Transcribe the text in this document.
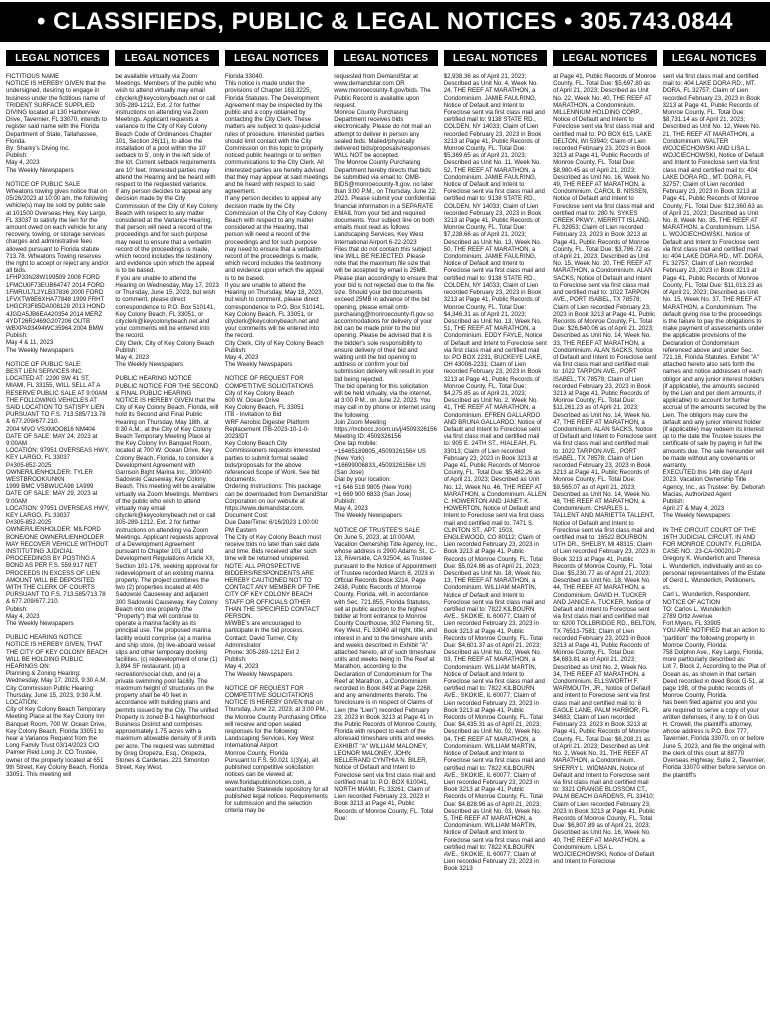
• CLASSIFIEDS, PUBLIC & LEGAL NOTICES • 305.743.0844
LEGAL NOTICES

FICTITIOUS NAME
NOTICE IS HEREBY GIVEN that the undersigned, desiring to engage in business under the fictitious name of TRIDENT SURFACE SUPPLIED DIVING located at 130 Harborview Drive, Tavernier, FL 33070, intends to register said name with the Florida Department of State, Tallahassee, Florida.
By: Sharky's Diving Inc.
Publish:
May 4, 2023
The Weekly Newspapers

NOTICE OF PUBLIC SALE
Wheatons towing gives notice that on 05/26/2023 at 10:00 am, the following vehicle(s) may be sold by public sale at 101500 Overseas Hwy, Key Largo, FL 33037 to satisfy the lien for the amount owed on each vehicle for any recovery, towing, or storage services charges and administrative fees allowed pursuant to Florida statute 713.78. Wheatons Towing reserves the right to accept or reject any and/or all bids.
1FHP33N28W199509 2008 FORD
1FMCU0F73EUB64747 2014 FORD
1FMRU17L2YLB37836 2000 FORD
1FVXTW8E6XHA77848 1999 FRHT
1HGCR3F85DA008128 2013 HOND
4JGDA5JB6EA420354 2014 MERZ
4YDT26R2469G207206 OUTB
WBXPA93494WC35964 2004 BMW
Publish:
May 4 & 11, 2023
The Weekly Newspapers

NOTICE OF PUBLIC SALE:
BEST LIEN SERVICES INC.
LOCATED AT: 2290 SW 41 ST, MIAMI, FL 33155, WILL SELL AT A RESERVE PUBLIC SALE AT 9:00AM THE FOLLOWING VEHICLES AT SAID LOCATION TO SATISFY LIEN PURSUANT TO F.S. 713.585/713.78 & 677.209/677.210.
2004 MVO VSXMOO816 NM404
DATE OF SALE: MAY 24, 2023 at 9:00AM
LOCATION: 97951 OVERSEAS HWY, KEY LARGO, FL 33037
P#305-852-2025
OWNER/LIENHOLDER: TYLER WESTBROOK/UNKN
1999 BMC VSBWUCA98 1A999
DATE OF SALE: MAY 29, 2023 at 9:00AM
LOCATION: 97951 OVERSEAS HWY, KEY LARGO, FL 33037
P#305-852-2025
OWNER/LIENHOLDER: MILFORD BONE/ONE OWNER/LIENHOLDER MAY RECOVER VEHICLE WITHOUT INSTITUTING JUDICIAL PROCEEDINGS BY POSTING A BOND AS PER F.S. 559.917 NET PROCEEDS IN EXCESS OF LIEN AMOUNT WILL BE DEPOSITED WITH THE CLERK OF COURTS PURSUANT TO F.S. 713.585/713.78 & 677.209/677.210.
Publish:
May 4, 2023
The Weekly Newspapers

PUBLIC HEARING NOTICE
NOTICE IS HEREBY GIVEN, THAT THE CITY OF KEY COLONY BEACH WILL BE HOLDING PUBLIC HEARINGS ON:
Planning & Zoning Hearing: Wednesday, May 17, 2023, 9:30 A.M.
City Commission Public Hearing: Thursday, June 15, 2023, 9:30 A.M.
LOCATION:
City of Key Colony Beach Temporary Meeting Place at the Key Colony Inn Banquet Room, 700 W. Ocean Drive, Key Colony Beach, Florida 33051 to hear a Variance Request from the Long Family Trust 03/14/2023 C/O Palmer Reid Long Jr. CO Trustee, owner of the property located at 651 9th Street, Key Colony Beach, Florida 33051. This meeting will

LEGAL NOTICES

be available virtually via Zoom Meetings. Members of the public who wish to attend virtually may email cityclerk@keycolonybeach.net or call 305-289-1212, Ext. 2 for further instructions on attending via Zoom Meetings. Applicant requests a variance to the City of Key Colony Beach Code of Ordinances Chapter 101, Section 26(11), to allow the installation of a pool within the 10' setback to 5', only in the left side of the lot. Current setback requirements are 10' feet. Interested parties may attend the Hearing and be heard with respect to the requested variance.
If any person decides to appeal any decision made by the City Commission of the City of Key Colony Beach with respect to any matter considered at the Variance Hearing, that person will need a record of the proceedings and for such purpose may need to ensure that a verbatim record of the proceedings is made, which record includes the testimony and evidence upon which the appeal is to be based.
If you are unable to attend the Hearing on Wednesday, May 17, 2023 or Thursday, June 15, 2023, but wish to comment, please direct correspondence to P.O. Box 510141, Key Colony Beach, FL 33051, or cityclerk@keycolonybeach.net and your comments will be entered into the record.
City Clerk, City of Key Colony Beach
Publish:
May 4, 2023
The Weekly Newspapers

PUBLIC HEARING NOTICE
PUBLIC NOTICE FOR THE SECOND & FINAL PUBLIC HEARING
NOTICE IS HEREBY GIVEN that the City of Key Colony Beach, Florida, will hold its Second and Final Public Hearing on Thursday, May 18th, at 9:30 A.M., at the City of Key Colony Beach Temporary Meeting Place at the Key Colony Inn Banquet Room, located at 700 W. Ocean Drive, Key Colony Beach, Florida, to consider a Development Agreement with Garrison Bight Marina Inc., 300/400 Sadowski Causeway, Key Colony Beach. This meeting will be available virtually via Zoom Meetings. Members of the public who wish to attend virtually may email cityclerk@keycolonybeach.net or call 305-289-1212, Ext. 2 for further instructions on attending via Zoom Meetings. Applicant requests approval of a Development Agreement pursuant to Chapter 101 of Land Development Regulations Article XII, Section 101-176, seeking approval for redevelopment of an existing marina property. The project combines the two (2) properties located at 400 Sadowski Causeway and adjacent 300 Sadowski Causeway, Key Colony Beach into one property (the "Property") that will continue to operate a marina facility as its principal use. The proposed marina facility would comprise (a) a marina and ship store, (b) live-aboard vessel slips and other temporary docking facilities, (c) redevelopment of one (1) 3,894 SF restaurant, (d) a recreation/social club, and (e) a private swimming pool facility. The maximum height of structures on the property shall be 40 feet in accordance with building plans and permits issued by the City. The unified Property is zoned B-1 Neighborhood Business District and comprises approximately 1.75 acres with a maximum allowable density of 8 units per acre. The request was submitted by Greg Oropeza, Esq., Oropeza, Stones & Cardenas, 221 Simonton Street, Key West,

LEGAL NOTICES

Florida 33040.
This notice is made under the provisions of Chapter 163.3225, Florida Statutes. The Development Agreement may be inspected by the public and a copy obtained by contacting the City Clerk. These matters are subject to quasi-judicial rules of procedure. Interested parties should limit contact with the City Commission on this topic to properly noticed public hearings or to written communications to the City Clerk. All interested parties are hereby advised that they may appear at said meetings and be heard with respect to said agreement.
If any person decides to appeal any decision made by the City Commission of the City of Key Colony Beach with respect to any matter considered at the Hearing, that person will need a record of the proceedings and for such purpose may need to ensure that a verbatim record of the proceedings is made, which record includes the testimony and evidence upon which the appeal is to be based.
If you are unable to attend the Hearing on Thursday, May 18, 2023, but wish to comment, please direct correspondence to P.O. Box 510141, Key Colony Beach, FL 33051, or cityclerk@keycolonybeach.net and your comments will be entered into the record.
City Clerk, City of Key Colony Beach
Publish:
May 4, 2023
The Weekly Newspapers

NOTICE OF REQUEST FOR COMPETITIVE SOLICITATIONS
City of Key Colony Beach
600 W. Ocean Drive
Key Colony Beach, FL 33051
ITB - Invitation to Bid
WRF Aerobic Digester Platform Replacement ITB-2023-10-1-0-2023/DT
Key Colony Beach City Commissioners requests interested parties to submit formal sealed bids/proposals for the above referenced Scope of Work. See bid documents.
Ordering Instructions: This package can be downloaded from DemandStar Corporation on our website at https://www.demandstar.com.
Document Cost:
Due Date/Time: 6/16/2023 1:00:00 PM Eastern
The City of Key Colony Beach must receive bids no later than said date and time. Bids received after such time will be returned unopened.
NOTE: ALL PROSPECTIVE BIDDERS/RESPONDENTS ARE HEREBY CAUTIONED NOT TO CONTACT ANY MEMBER OF THE CITY OF KEY COLONY BEACH STAFF OR OFFICIALS OTHER THAN THE SPECIFIED CONTACT PERSON.
M/WBE's are encouraged to participate in the bid process.
Contact: David Turner, City Administrator
Phone: 305-289-1212 Ext 2
Publish:
May 4, 2023
The Weekly Newspapers

NOTICE OF REQUEST FOR COMPETITIVE SOLICITATIONS
NOTICE IS HEREBY GIVEN that on Thursday, June 22, 2023, at 3:00 PM., the Monroe County Purchasing Office will receive and open sealed responses for the following:
Landscaping Services, Key West International Airport
Monroe County, Florida
Pursuant to F.S. 50.021 1(3)(a), all published competitive solicitation notices can be viewed at: www.floridapublicnotices.com, a searchable Statewide repository for all published legal notices. Requirements for submission and the selection criteria may be

LEGAL NOTICES

requested from DemandStar at www.demandstar.com OR www.monroecounty-fl.gov/bids. The Public Record is available upon request.
Monroe County Purchasing Department receives bids electronically. Please do not mail an attempt to deliver in person any sealed bids. Mailed/physically delivered bids/proposals/responses WILL NOT be accepted.
The Monroe County Purchasing Department hereby directs that bids be submitted via email to: OMB-BIDS@monroecounty-fl.gov, no later than 3:00 P.M., on Thursday, June 22, 2023. Please submit your confidential financial information in a SEPARATE EMAIL from your bid and required documents. Your subject line on both emails must read as follows:
Landscaping Services, Key West International Airport 6-22-2023
Files that do not contain this subject line WILL BE REJECTED. Please note that the maximum file size that will be accepted by email is 25MB. Please plan accordingly to ensure that your bid is not rejected due to the file size. Should your bid documents exceed 25MB in advance of the bid opening, please email omb-purchasing@monroecounty-fl.gov so accommodations for delivery of your bid can be made prior to the bid opening. Please be advised that it is the bidder's sole responsibility to ensure delivery of their bid and waiting until the bid opening to address or confirm your bid submission delivery will result in your bid being rejected.
The bid opening for this solicitation will be held virtually, via the internet, at 3:00 P.M., on June 22, 2023. You may call in by phone or internet using the following:
Join Zoom Meeting
https://mcbocc.zoom.us/j/4509326156
Meeting ID: 4509326156
One tap mobile:
+16465189805,,4509326156# US (New York)
+16699006833,,4509326156# US (San Jose)
Dial by your location:
+1 646 518 9805 (New York)
+1 669 900 6833 (San Jose)
Publish:
May 4, 2023
The Weekly Newspapers

NOTICE OF TRUSTEE'S SALE
On June 5, 2023, at 10:00AM, Vacation Ownership Title Agency, Inc., whose address is 2900 Adams St., C-13, Riverside, CA 92504, as Trustee pursuant to the Notice of Appointment of Trustee recorded March 8, 2023 in Official Records Book 3214, Page 2438, Public Records of Monroe County, Florida, will, in accordance with Sec. 721.855, Florida Statutes, sell at public auction to the highest bidder at front entrance to Monroe County Courthouse, 302 Fleming St., Key West, FL 33040 all right, title, and interest in and to the timeshare units and weeks described in Exhibit "A" attached hereto, all of such timeshare units and weeks being in The Reef at Marathon, according to the Declaration of Condominium for The Reef at Marathon, a Condominium recorded in Book 849 at Page 2268, and any amendments thereto. The foreclosure is in respect of Claims of Lien (the "Lien") recorded February 23, 2023 in Book 3213 at Page 41 in the Public Records of Monroe County, Florida with respect to each of the aforesaid timeshare units and weeks.
EXHIBIT "A" WILLIAM MALONEY, LEONOR MALONEY, JOHN BELLERAND CYNTHIA N. BILER, Notice of Default and Intent to Foreclose sent via first class mail and certified mail to: P.O. BOX 610041, NORTH MIAMI, FL 33261; Claim of Lien recorded February 23, 2023 in Book 3213 at Page 41, Public Records of Monroe County, FL. Total Due:

LEGAL NOTICES

$2,938.36 as of April 21, 2023; Described as Unit No. 4, Week No. 24, THE REEF AT MARATHON, a Condominium. JAMIE FAULRING, Notice of Default and Intent to Foreclose sent via first class mail and certified mail to: 9138 STATE RD., COLDEN, NY 14033; Claim of Lien recorded February 23, 2023 in Book 3213 at Page 41, Public Records of Monroe County, FL. Total Due: $5,369.65 as of April 21, 2023; Described as Unit No. 11, Week No. 52, THE REEF AT MARATHON, a Condominium. JAMIE FAULRING, Notice of Default and Intent to Foreclose sent via first class mail and certified mail to: 9138 STATE RD., COLDEN, NY 14033; Claim of Lien recorded February 23, 2023 in Book 3213 at Page 41, Public Records of Monroe County, FL. Total Due: $7,238.66 as of April 21, 2023; Described as Unit No. 13, Week No. 50, THE REEF AT MARATHON, a Condominium. JAMIE FAULRING, Notice of Default and Intent to Foreclose sent via first class mail and certified mail to: 9138 STATE RD., COLDEN, NY 14033; Claim of Lien recorded February 23, 2023 in Book 3213 at Page 41, Public Records of Monroe County, FL. Total Due: $4,346.31 as of April 21, 2023; Described as Unit No. 13, Week No. 51, THE REEF AT MARATHON, a Condominium. EDDY FAYLE, Notice of Default and Intent to Foreclose sent via first class mail and certified mail to: PO BOX 2231, BUCKEYE LAKE, OH 43008-2231; Claim of Lien recorded February 23, 2023 in Book 3213 at Page 41, Public Records of Monroe County, FL. Total Due: $4,275.85 as of April 21, 2023; Described as Unit No. 2, Week No. 41, THE REEF AT MARATHON, a Condominium. EFREN GALLARDO AND BRUNA GALLARDO, Notice of Default and Intent to Foreclose sent via first class mail and certified mail to: 905 E. 24TH ST., HIALEAH, FL 33013; Claim of Lien recorded February 23, 2023 in Book 3213 at Page 41, Public Records of Monroe County, FL. Total Due: $5,482.26 as of April 21, 2023; Described as Unit No. 12, Week No. 46, THE REEF AT MARATHON, a Condominium. ALLEN C. HOWERTON AND JANET K. HOWERTON, Notice of Default and Intent to Foreclose sent via first class mail and certified mail to: 7471 S. CLINTON ST., APT. 1503, ENGLEWOOD, CO 80112; Claim of Lien recorded February 23, 2023 in Book 3213 at Page 41, Public Records of Monroe County, FL. Total Due: $5,024.86 as of April 21, 2023; Described as Unit No. 18, Week No. 13, THE REEF AT MARATHON, a Condominium. WILLIAM MARTIN, Notice of Default and Intent to Foreclose sent via first class mail and certified mail to: 7822 KILBOURN AVE., SKOKIE, IL 60077; Claim of Lien recorded February 23, 2023 in Book 3213 at Page 41, Public Records of Monroe County, FL. Total Due: $4,601.37 as of April 21, 2023; Described as Unit No. 02, Week No. 03, THE REEF AT MARATHON, a Condominium. WILLIAM MARTIN, Notice of Default and Intent to Foreclose sent via first class mail and certified mail to: 7822 KILBOURN AVE., SKOKIE, IL 60077; Claim of Lien recorded February 23, 2023 in Book 3213 at Page 41, Public Records of Monroe County, FL. Total Due: $4,435.31 as of April 21, 2023; Described as Unit No. 02, Week No. 04, THE REEF AT MARATHON, a Condominium. WILLIAM MARTIN, Notice of Default and Intent to Foreclose sent via first class mail and certified mail to: 7822 KILBOURN AVE., SKOKIE, IL 60077; Claim of Lien recorded February 23, 2023 in Book 3213 at Page 41, Public Records of Monroe County, FL. Total Due: $4,828.96 as of April 21, 2023; Described as Unit No. 03, Week No. 5, THE REEF AT MARATHON, a Condominium. WILLIAM MARTIN, Notice of Default and Intent to Foreclose sent via first class mail and certified mail to: 7822 KILBOURN AVE., SKOKIE, IL 60077; Claim of Lien recorded February 23, 2023 in Book 3213

LEGAL NOTICES

at Page 41, Public Records of Monroe County, FL. Total Due: $5,697.80 as of April 21, 2023; Described as Unit No. 22, Week No. 40, THE REEF AT MARATHON, a Condominium. MILLENNIUM HOLDING CORP., Notice of Default and Intent to Foreclose sent via first class mail and certified mail to: PO BOX 615, LAKE DELTON, WI 53940; Claim of Lien recorded February 23, 2023 in Book 3213 at Page 41, Public Records of Monroe County, FL. Total Due: $8,980.45 as of April 21, 2023; Described as Unit No. 16, Week No. 49, THE REEF AT MARATHON, a Condominium. CAROL B. NISSEN, Notice of Default and Intent to Foreclose sent via first class mail and certified mail to: 280 N. SYKES CREEK PKWY., MERRITT ISLAND, FL 32953; Claim of Lien recorded February 23, 2023 in Book 3213 at Page 41, Public Records of Monroe County, FL. Total Due: $3,786.72 as of April 21, 2023; Described as Unit No. 15, Week No. 20, THE REEF AT MARATHON, a Condominium. ALAN SACKS, Notice of Default and Intent to Foreclose sent via first class mail and certified mail to: 1022 TARPON AVE., PORT ISABEL, TX 78578; Claim of Lien recorded February 23, 2023 in Book 3213 at Page 41, Public Records of Monroe County, FL. Total Due: $26,840.06 as of April 21, 2023; Described as Unit No. 14, Week No. 33, THE REEF AT MARATHON, a Condominium. ALAN SACKS, Notice of Default and Intent to Foreclose sent via first class mail and certified mail to: 1022 TARPON AVE., PORT ISABEL, TX 78578; Claim of Lien recorded February 23, 2023 in Book 3213 at Page 41, Public Records of Monroe County, FL. Total Due: $11,261.23 as of April 21, 2023; Described as Unit No. 14, Week No. 47, THE REEF AT MARATHON, a Condominium. ALAN SACKS, Notice of Default and Intent to Foreclose sent via first class mail and certified mail to: 1022 TARPON AVE., PORT ISABEL, TX 78578; Claim of Lien recorded February 23, 2023 in Book 3213 at Page 41, Public Records of Monroe County, FL. Total Due: $9,565.07 as of April 21, 2023; Described as Unit No. 14, Week No. 48, THE REEF AT MARATHON, a Condominium. CHARLES L. TALLENT AND MARIETTA TALLENT, Notice of Default and Intent to Foreclose sent via first class mail and certified mail to: 16522 BOURBON UTH DR., SHELBY, MI 48315; Claim of Lien recorded February 23, 2023 in Book 3213 at Page 41, Public Records of Monroe County, FL. Total Due: $5,230.77 as of April 21, 2023; Described as Unit No. 18, Week No. 44, THE REEF AT MARATHON, a Condominium. DAVID H. TUCKER AND JANICE A. TUCKER, Notice of Default and Intent to Foreclose sent via first class mail and certified mail to: 6200 TOLLBRIDGE RD., BELTON, TX 76513-7581; Claim of Lien recorded February 23, 2023 in Book 3213 at Page 41, Public Records of Monroe County, FL. Total Due: $4,683.81 as of April 21, 2023; Described as Unit No. 2, Week No. 34, THE REEF AT MARATHON, a Condominium. ELLSWORTH F. WARMOUTH, JR., Notice of Default and Intent to Foreclose sent via first class mail and certified mail to: 8 EAGLE LANE, PALM HARBOR, FL 34683; Claim of Lien recorded February 23, 2023 in Book 3213 at Page 41, Public Records of Monroe County, FL. Total Due: $6,208.21 as of April 21, 2023; Described as Unit No. 2, Week No. 31, THE REEF AT MARATHON, a Condominium. SHERRY L. WIDMANN, Notice of Default and Intent to Foreclose sent via first class mail and certified mail to: 3321 ORANGE BLOSSOM CT., PALM BEACH GARDENS, FL 33410; Claim of Lien recorded February 23, 2023 in Book 3213 at Page 41, Public Records of Monroe County, FL. Total Due: $6,807.89 as of April 21, 2023; Described as Unit No. 16, Week No. 40, THE REEF AT MARATHON, a Condominium. LISA L. WOJCIECHOWSKI, Notice of Default and Intent to Foreclose

LEGAL NOTICES

sent via first class mail and certified mail to: 404 LAKE DORA RD., MT. DORA, FL 32757; Claim of Lien recorded February 23, 2023 in Book 3213 at Page 41, Public Records of Monroe County, FL. Total Due: $8,731.14 as of April 21, 2023; Described as Unit No. 12, Week No. 21, THE REEF AT MARATHON, a Condominium. WALTER WOJCIECHOWSKI AND LISA L. WOJCIECHOWSKI, Notice of Default and Intent to Foreclose sent via first class mail and certified mail to: 404 LAKE DORA RD., MT. DORA, FL 32757; Claim of Lien recorded February 23, 2023 in Book 3213 at Page 41, Public Records of Monroe County, FL. Total Due: $12,360.63 as of April 21, 2023; Described as Unit No. 8, Week No. 35, THE REEF AT MARATHON, a Condominium. LISA L. WOJCIECHOWSKI, Notice of Default and Intent to Foreclose sent via first class mail and certified mail to: 404 LAKE DORA RD., MT. DORA, FL 32757; Claim of Lien recorded February 23, 2023 in Book 3213 at Page 41, Public Records of Monroe County, FL. Total Due: $11,013.23 as of April 21, 2023; Described as Unit No. 15, Week No. 37, THE REEF AT MARATHON, a Condominium. The default giving rise to the proceedings is the failure to pay the obligations to make payment of assessments under the applicable provisions of the Declaration of Condominium referenced above and under Sec. 721.16, Florida Statutes. Exhibit "A" attached hereto also sets forth the names and notice addresses of each obligor and any junior interest holders (if applicable), the amounts secured by the Lien and per diem amounts, if applicable) to account for further accrual of the amounts secured by the Lien. The obligors may cure the default and any junior interest holder (if applicable) may redeem its interest up to the date the Trustee issues the certificate of sale by paying in full the amounts due. The sale hereunder will be made without any covenants or warranty.
EXECUTED this 14th day of April 2023. Vacation Ownership Title Agency, Inc., as Trustee: By: Deborah Macias, Authorized Agent
Publish:
April 27 & May 4, 2023
The Weekly Newspapers

IN THE CIRCUIT COURT OF THE 16TH JUDICIAL CIRCUIT, IN AND FOR MONROE COUNTY, FLORIDA
CASE NO.: 23-CA-000201-P
Gregory K. Wunderlich and Theresa L. Wunderlich, individually and as co-personal representatives of the Estate of Gerd L. Wunderlich, Petitioners,
vs.
Carl L. Wunderlich, Respondent.
NOTICE OF ACTION
TO: Carlos L. Wunderlich
2789 Ortiz Avenue
Fort Myers, FL 33905
YOU ARE NOTIFIED that an action to "partition" the following property in Monroe County, Florida:
758 Dolphin Ave., Key Largo, Florida, more particularly described as:
Lot 7, Block 2, According to the Plat of Ocean as, as shown in that certain Deed recorded in deed Book G-51, at page 198, of the public records of Monroe County, Florida.
has been filed against you and you are required to serve a copy of your written defenses, if any, to it on Gus H. Crowell, the plaintiff's attorney, whose address is P.O. Box 777, Tavernier, Florida 33070, on or before June 5, 2023, and file the original with the clerk of this court at 88770 Overseas Highway, Suite 2, Tavernier, Florida 33070 either before service on the plaintiff's
